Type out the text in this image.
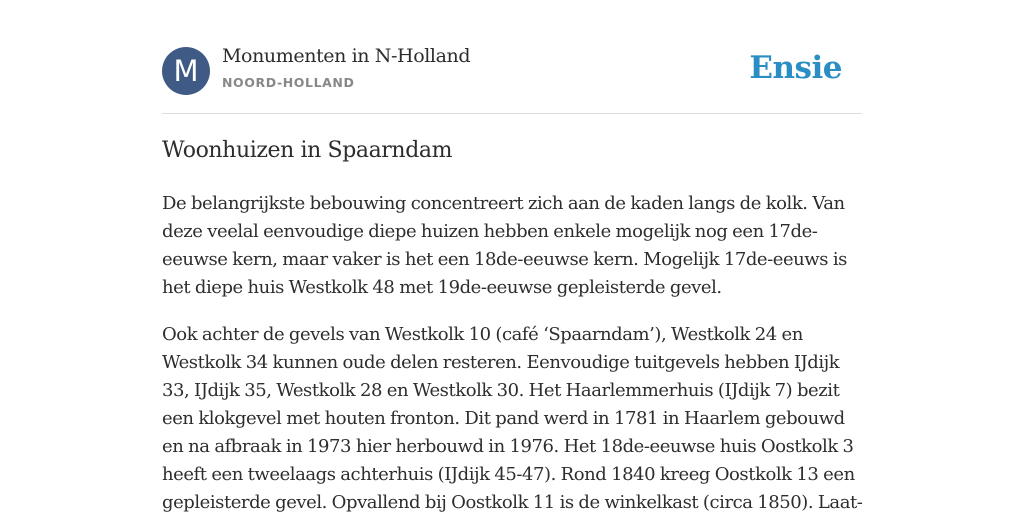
M	Monumenten in N-Holland
NOORD-HOLLAND	Ensie
Woonhuizen in Spaarndam

De belangrijkste bebouwing concentreert zich aan de kaden langs de kolk. Van deze veelal eenvoudige diepe huizen hebben enkele mogelijk nog een 17de-eeuwse kern, maar vaker is het een 18de-eeuwse kern. Mogelijk 17de-eeuws is het diepe huis Westkolk 48 met 19de-eeuwse gepleisterde gevel.

Ook achter de gevels van Westkolk 10 (café ‘Spaarndam’), Westkolk 24 en Westkolk 34 kunnen oude delen resteren. Eenvoudige tuitgevels hebben IJdijk 33, IJdijk 35, Westkolk 28 en Westkolk 30. Het Haarlemmerhuis (IJdijk 7) bezit een klokgevel met houten fronton. Dit pand werd in 1781 in Haarlem gebouwd en na afbraak in 1973 hier herbouwd in 1976. Het 18de-eeuwse huis Oostkolk 3 heeft een tweelaags achterhuis (IJdijk 45-47). Rond 1840 kreeg Oostkolk 13 een gepleisterde gevel. Opvallend bij Oostkolk 11 is de winkelkast (circa 1850). Laat-
